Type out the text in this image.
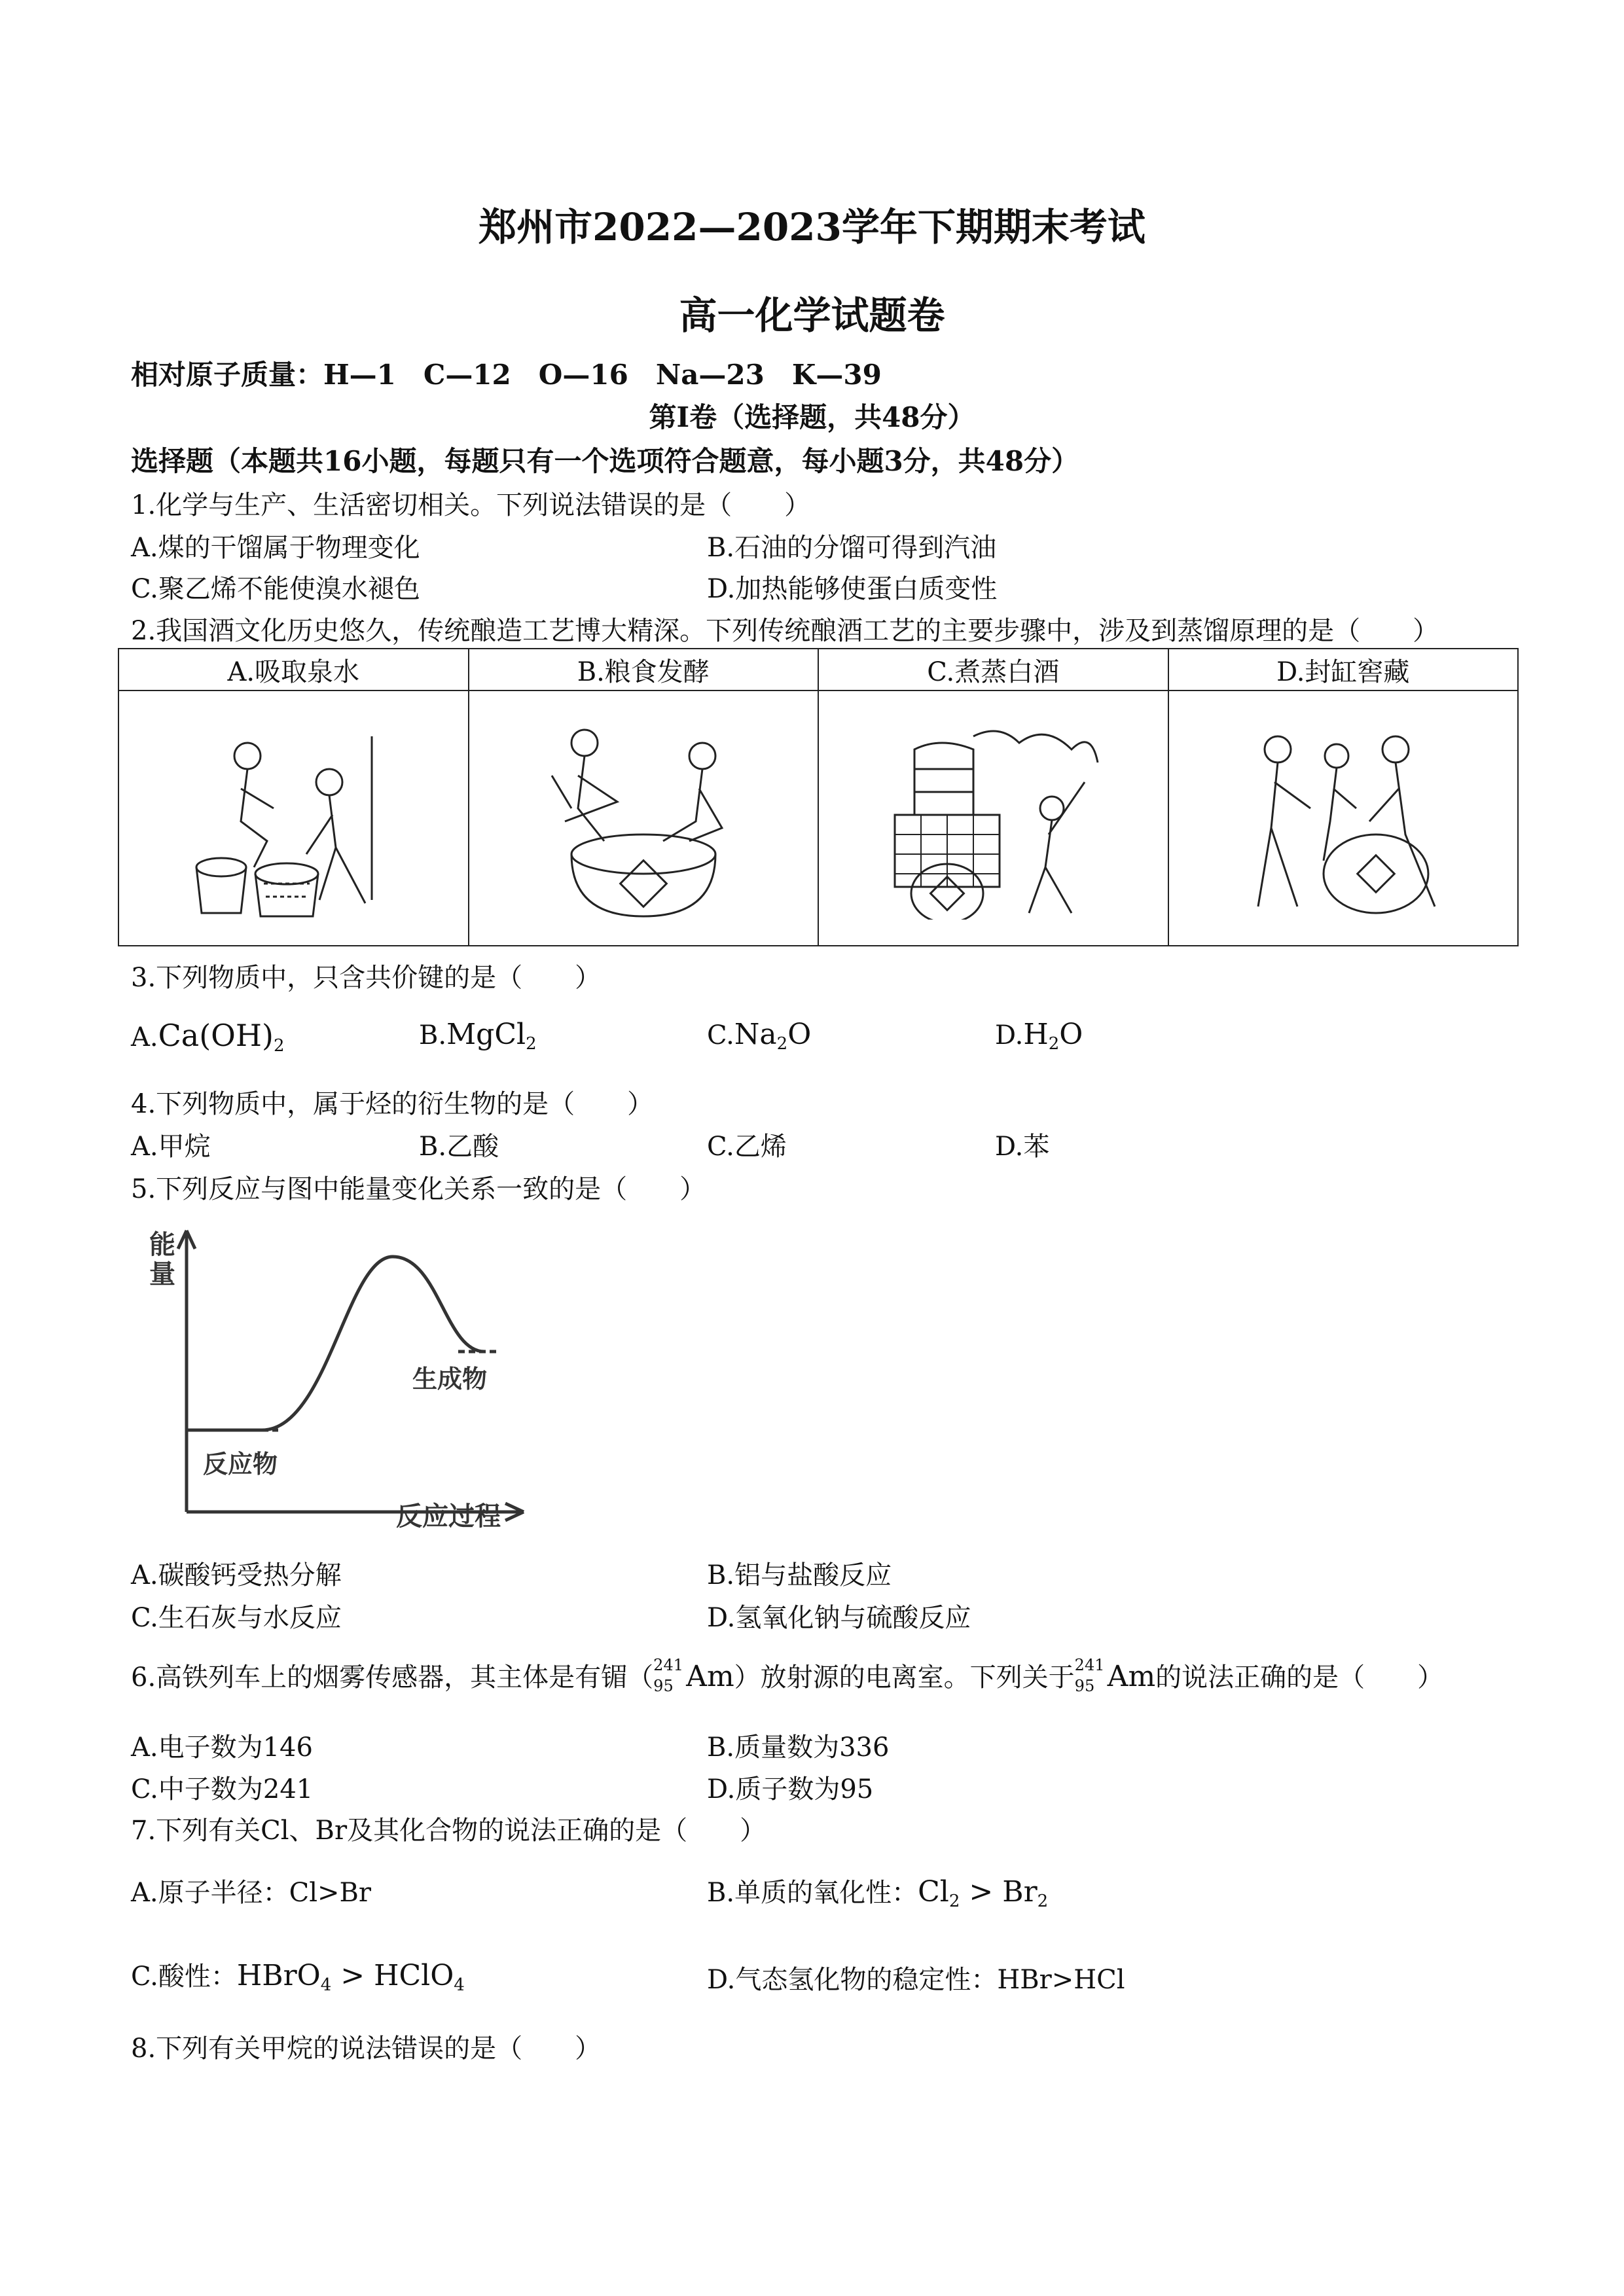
郑州市2022—2023学年下期期末考试
高一化学试题卷
相对原子质量：H—1　C—12　O—16　Na—23　K—39
第Ⅰ卷（选择题，共48分）
选择题（本题共16小题，每题只有一个选项符合题意，每小题3分，共48分）
1.化学与生产、生活密切相关。下列说法错误的是（　　）
A.煤的干馏属于物理变化	B.石油的分馏可得到汽油
C.聚乙烯不能使溴水褪色	D.加热能够使蛋白质变性
2.我国酒文化历史悠久，传统酿造工艺博大精深。下列传统酿酒工艺的主要步骤中，涉及到蒸馏原理的是（　　）
A.吸取泉水	B.粮食发酵	C.煮蒸白酒	D.封缸窖藏

3.下列物质中，只含共价键的是（　　）
$A.Ca(OH)_2$	B.MgCl$_2$	$C.Na_2O$	$D.H_2O$
4.下列物质中，属于烃的衍生物的是（　　）
A.甲烷	B.乙酸	C.乙烯	D.苯
5.下列反应与图中能量变化关系一致的是（　　）
能
量
反应物
生成物
反应过程
A.碳酸钙受热分解	B.铝与盐酸反应
C.生石灰与水反应	D.氢氧化钠与硫酸反应
6.高铁列车上的烟雾传感器，其主体是有镅（ 241
95 Am）放射源的电离室。下列关于 241
95 Am的说法正确的是（　　）
A.电子数为146	B.质量数为336
C.中子数为241	D.质子数为95
7.下列有关Cl、Br及其化合物的说法正确的是（　　）
A.原子半径：Cl>Br	B.单质的氧化性：$Cl_2 > Br_2$
C.酸性：HBrO$_4$ > HClO$_4$	D.气态氢化物的稳定性：HBr>HCl
8.下列有关甲烷的说法错误的是（　　）
